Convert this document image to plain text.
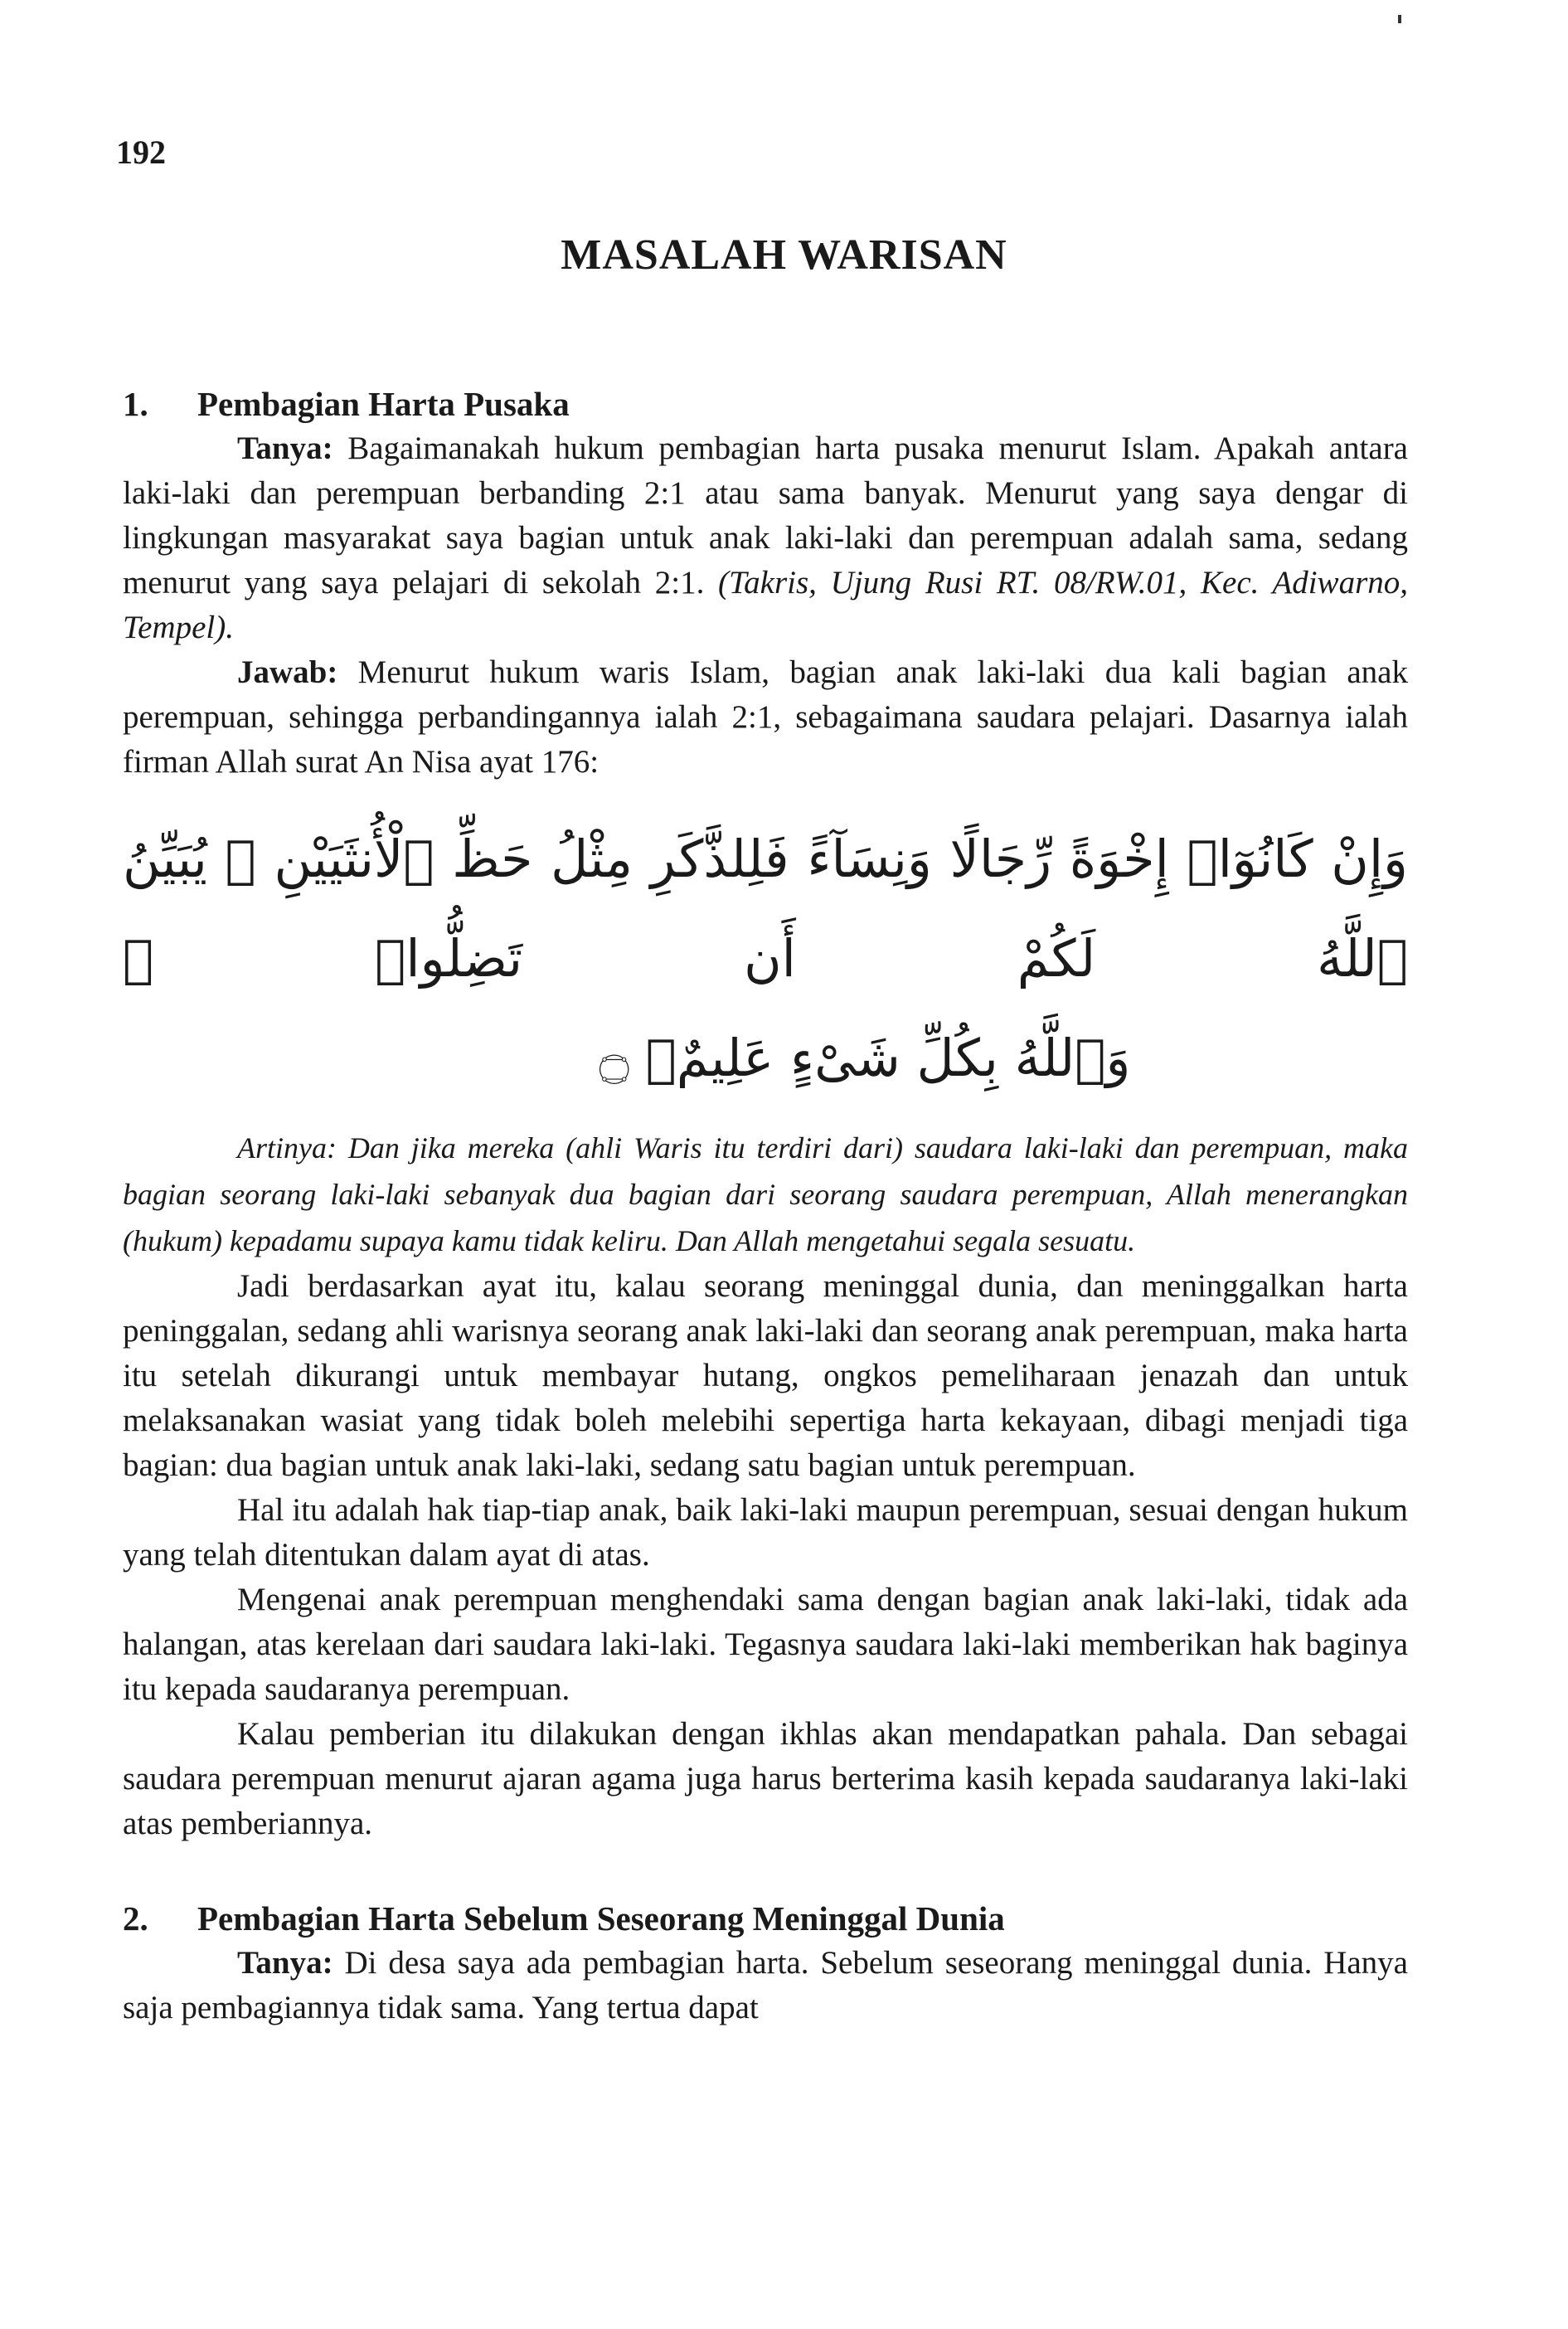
192
MASALAH WARISAN
1.	Pembagian Harta Pusaka

Tanya: Bagaimanakah hukum pembagian harta pusaka menurut Islam. Apakah antara laki-laki dan perempuan berbanding 2:1 atau sama banyak. Menurut yang saya dengar di lingkungan masyarakat saya bagian untuk anak laki-laki dan perempuan adalah sama, sedang menurut yang saya pelajari di sekolah 2:1. (Takris, Ujung Rusi RT. 08/RW.01, Kec. Adiwarno, Tempel).

Jawab: Menurut hukum waris Islam, bagian anak laki-laki dua kali bagian anak perempuan, sehingga perbandingannya ialah 2:1, sebagaimana saudara pelajari. Dasarnya ialah firman Allah surat An Nisa ayat 176:

وَإِنْ كَانُوٓا۟ إِخْوَةً رِّجَالًا وَنِسَآءً فَلِلذَّكَرِ مِثْلُ حَظِّ ٱلْأُنثَيَيْنِ ۗ يُبَيِّنُ ٱللَّهُ لَكُمْ أَن تَضِلُّوا۟ ۗ
وَٱللَّهُ بِكُلِّ شَىْءٍ عَلِيمٌۢ ۝

Artinya: Dan jika mereka (ahli Waris itu terdiri dari) saudara laki-laki dan perempuan, maka bagian seorang laki-laki sebanyak dua bagian dari seorang saudara perempuan, Allah menerangkan (hukum) kepadamu supaya kamu tidak keliru. Dan Allah mengetahui segala sesuatu.

Jadi berdasarkan ayat itu, kalau seorang meninggal dunia, dan meninggalkan harta peninggalan, sedang ahli warisnya seorang anak laki-laki dan seorang anak perempuan, maka harta itu setelah dikurangi untuk membayar hutang, ongkos pemeliharaan jenazah dan untuk melaksanakan wasiat yang tidak boleh melebihi sepertiga harta kekayaan, dibagi menjadi tiga bagian: dua bagian untuk anak laki-laki, sedang satu bagian untuk perempuan.

Hal itu adalah hak tiap-tiap anak, baik laki-laki maupun perempuan, sesuai dengan hukum yang telah ditentukan dalam ayat di atas.

Mengenai anak perempuan menghendaki sama dengan bagian anak laki-laki, tidak ada halangan, atas kerelaan dari saudara laki-laki. Tegasnya saudara laki-laki memberikan hak baginya itu kepada saudaranya perempuan.

Kalau pemberian itu dilakukan dengan ikhlas akan mendapatkan pahala. Dan sebagai saudara perempuan menurut ajaran agama juga harus berterima kasih kepada saudaranya laki-laki atas pemberiannya.

2.	Pembagian Harta Sebelum Seseorang Meninggal Dunia

Tanya: Di desa saya ada pembagian harta. Sebelum seseorang meninggal dunia. Hanya saja pembagiannya tidak sama. Yang tertua dapat
